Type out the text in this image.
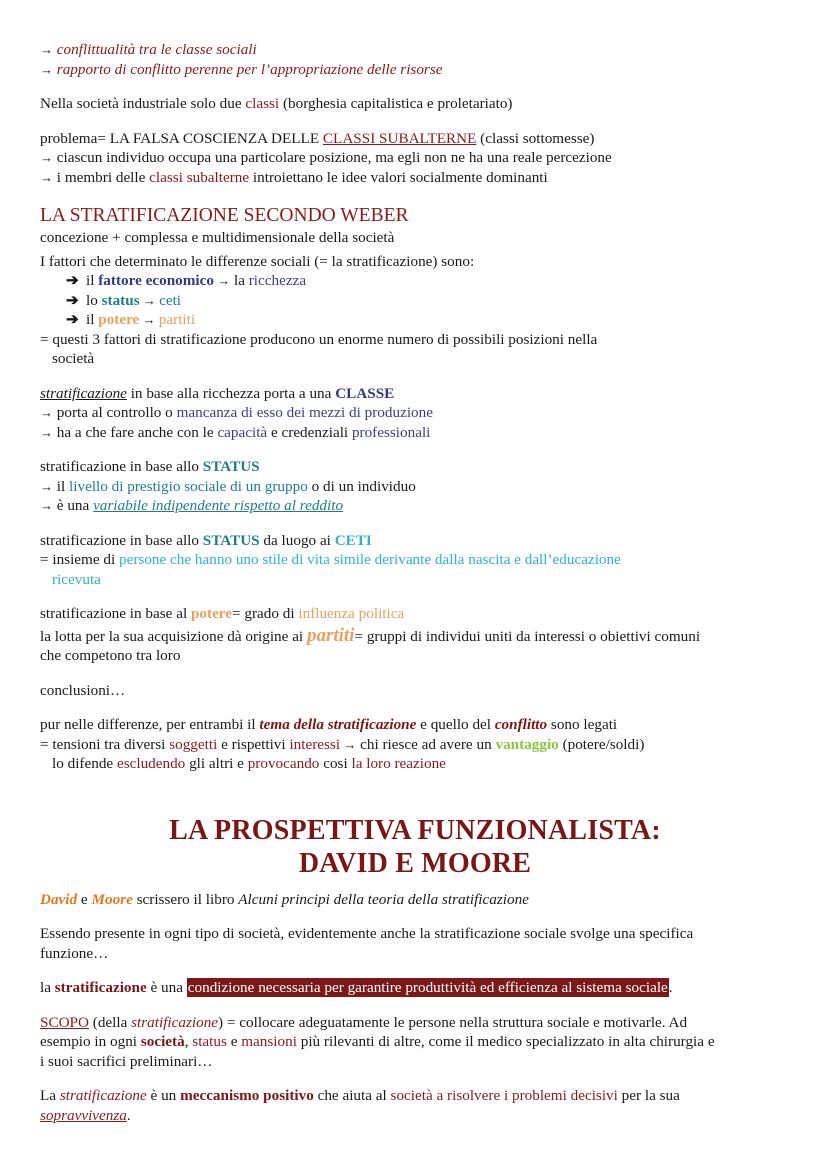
→ conflittualità tra le classe sociali

→ rapporto di conflitto perenne per l’appropriazione delle risorse

Nella società industriale solo due classi (borghesia capitalistica e proletariato)

problema= LA FALSA COSCIENZA DELLE CLASSI SUBALTERNE (classi sottomesse)

→ ciascun individuo occupa una particolare posizione, ma egli non ne ha una reale percezione

→ i membri delle classi subalterne introiettano le idee valori socialmente dominanti

LA STRATIFICAZIONE SECONDO WEBER

concezione + complessa e multidimensionale della società

I fattori che determinato le differenze sociali (= la stratificazione) sono:

➔ il fattore economico → la ricchezza

➔ lo status → ceti

➔ il potere → partiti

= questi 3 fattori di stratificazione producono un enorme numero di possibili posizioni nella

società

stratificazione in base alla ricchezza porta a una CLASSE

→ porta al controllo o mancanza di esso dei mezzi di produzione

→ ha a che fare anche con le capacità e credenziali professionali

stratificazione in base allo STATUS

→ il livello di prestigio sociale di un gruppo o di un individuo

→ è una variabile indipendente rispetto al reddito

stratificazione in base allo STATUS da luogo ai CETI

= insieme di persone che hanno uno stile di vita simile derivante dalla nascita e dall’educazione

ricevuta

stratificazione in base al potere= grado di influenza politica

la lotta per la sua acquisizione dà origine ai partiti= gruppi di individui uniti da interessi o obiettivi comuni

che competono tra loro

conclusioni…

pur nelle differenze, per entrambi il tema della stratificazione e quello del conflitto sono legati

= tensioni tra diversi soggetti e rispettivi interessi → chi riesce ad avere un vantaggio (potere/soldi)

lo difende escludendo gli altri e provocando cosi la loro reazione

LA PROSPETTIVA FUNZIONALISTA:

DAVID E MOORE

David e Moore scrissero il libro Alcuni principi della teoria della stratificazione

Essendo presente in ogni tipo di società, evidentemente anche la stratificazione sociale svolge una specifica

funzione…

la stratificazione è una condizione necessaria per garantire produttività ed efficienza al sistema sociale.

SCOPO (della stratificazione) = collocare adeguatamente le persone nella struttura sociale e motivarle. Ad

esempio in ogni società, status e mansioni più rilevanti di altre, come il medico specializzato in alta chirurgia e

i suoi sacrifici preliminari…

La stratificazione è un meccanismo positivo che aiuta al società a risolvere i problemi decisivi per la sua

sopravvivenza.
